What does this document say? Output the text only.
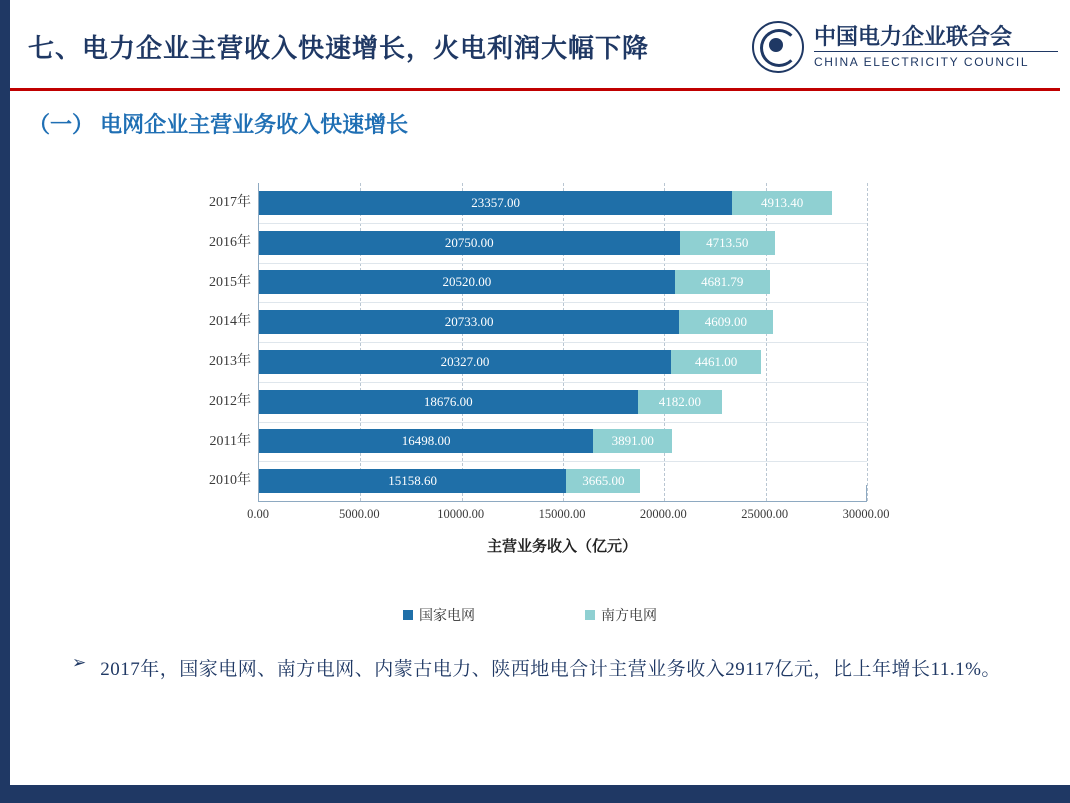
七、电力企业主营收入快速增长，火电利润大幅下降	中国电力企业联合会
CHINA ELECTRICITY COUNCIL
（一） 电网企业主营业务收入快速增长
2017年	23357.00	4913.40
2016年	20750.00	4713.50
2015年	20520.00	4681.79
2014年	20733.00	4609.00
2013年	20327.00	4461.00
2012年	18676.00	4182.00
2011年	16498.00	3891.00
2010年	15158.60	3665.00
0.00	5000.00	10000.00	15000.00	20000.00	25000.00	30000.00
主营业务收入（亿元）
国家电网	南方电网
➢ 2017年，国家电网、南方电网、内蒙古电力、陕西地电合计主营业务收入29117亿元，比上年增长11.1%。
